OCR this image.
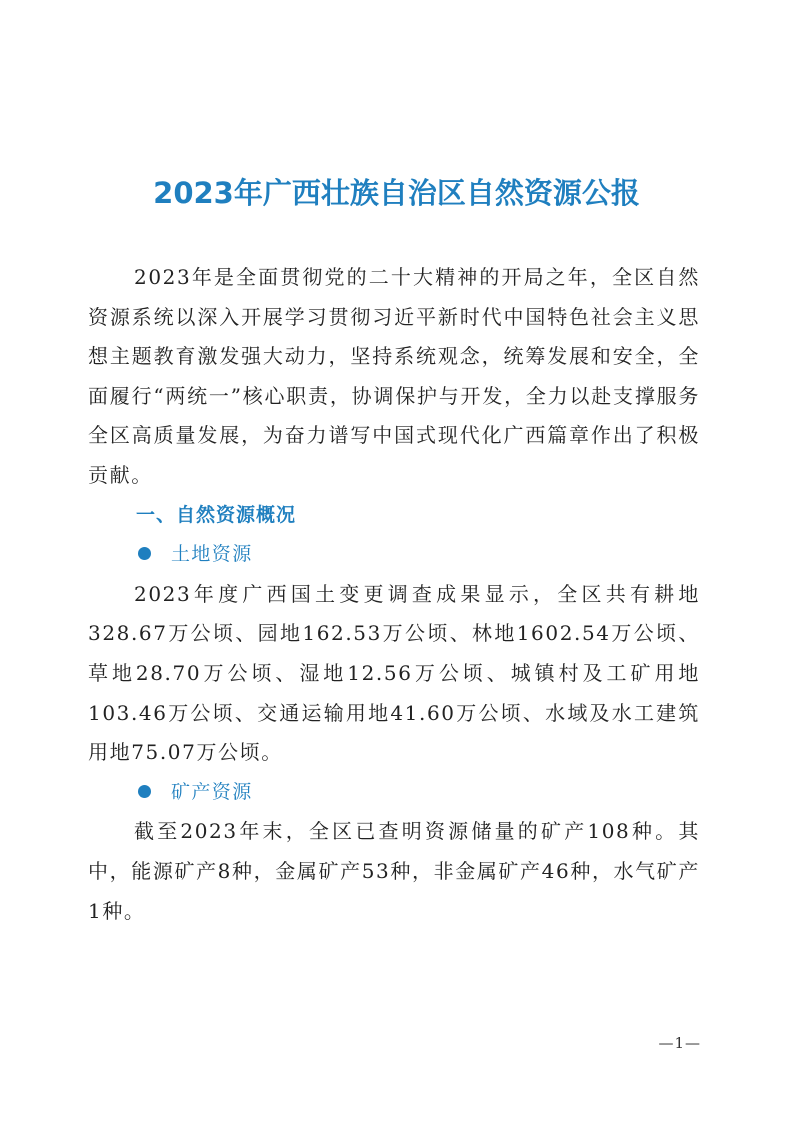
2023年广西壮族自治区自然资源公报

2023年是全面贯彻党的二十大精神的开局之年，全区自然资源系统以深入开展学习贯彻习近平新时代中国特色社会主义思想主题教育激发强大动力，坚持系统观念，统筹发展和安全，全面履行“两统一”核心职责，协调保护与开发，全力以赴支撑服务全区高质量发展，为奋力谱写中国式现代化广西篇章作出了积极贡献。

一、自然资源概况

土地资源

2023年度广西国土变更调查成果显示，全区共有耕地328.67万公顷、园地162.53万公顷、林地1602.54万公顷、草地28.70万公顷、湿地12.56万公顷、城镇村及工矿用地103.46万公顷、交通运输用地41.60万公顷、水域及水工建筑用地75.07万公顷。

矿产资源

截至2023年末，全区已查明资源储量的矿产108种。其中，能源矿产8种，金属矿产53种，非金属矿产46种，水气矿产1种。

—1—
